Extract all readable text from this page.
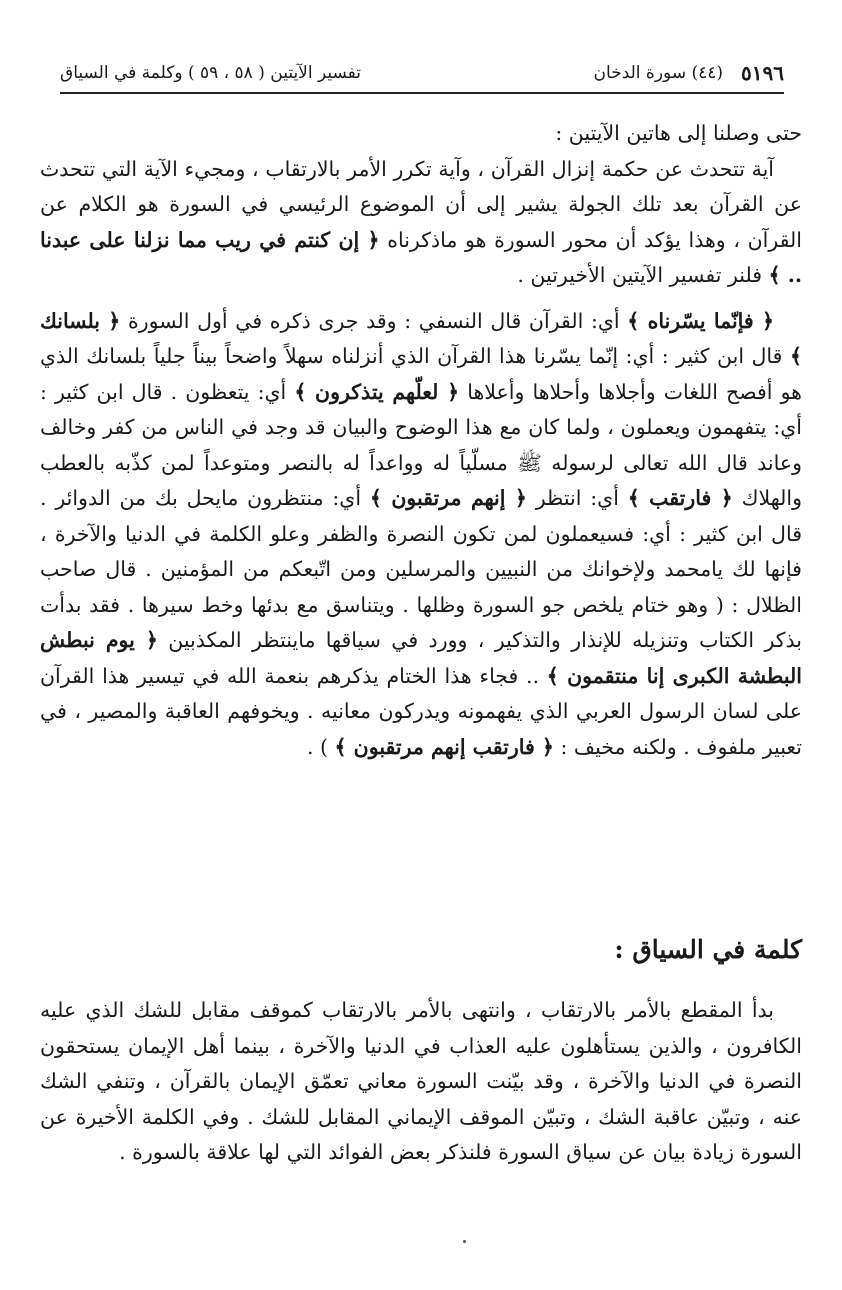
٥١٩٦
(٤٤) سورة الدخان
تفسير الآيتين ( ٥٨ ، ٥٩ ) وكلمة في السياق

حتى وصلنا إلى هاتين الآيتين :

آية تتحدث عن حكمة إنزال القرآن ، وآية تكرر الأمر بالارتقاب ، ومجيء الآية التي تتحدث عن القرآن بعد تلك الجولة يشير إلى أن الموضوع الرئيسي في السورة هو الكلام عن القرآن ، وهذا يؤكد أن محور السورة هو ماذكرناه ﴿ إن كنتم في ريب مما نزلنا على عبدنا .. ﴾ فلنر تفسير الآيتين الأخيرتين .

﴿ فإنّما يسّرناه ﴾ أي: القرآن قال النسفي : وقد جرى ذكره في أول السورة ﴿ بلسانك ﴾ قال ابن كثير : أي: إنّما يسّرنا هذا القرآن الذي أنزلناه سهلاً واضحاً بيناً جلياً بلسانك الذي هو أفصح اللغات وأجلاها وأحلاها وأعلاها ﴿ لعلّهم يتذكرون ﴾ أي: يتعظون . قال ابن كثير : أي: يتفهمون ويعملون ، ولما كان مع هذا الوضوح والبيان قد وجد في الناس من كفر وخالف وعاند قال الله تعالى لرسوله ﷺ مسلّياً له وواعداً له بالنصر ومتوعداً لمن كذّبه بالعطب والهلاك ﴿ فارتقب ﴾ أي: انتظر ﴿ إنهم مرتقبون ﴾ أي: منتظرون مايحل بك من الدوائر . قال ابن كثير : أي: فسيعملون لمن تكون النصرة والظفر وعلو الكلمة في الدنيا والآخرة ، فإنها لك يامحمد ولإخوانك من النبيين والمرسلين ومن اتّبعكم من المؤمنين . قال صاحب الظلال : ( وهو ختام يلخص جو السورة وظلها . ويتناسق مع بدئها وخط سيرها . فقد بدأت بذكر الكتاب وتنزيله للإنذار والتذكير ، وورد في سياقها ماينتظر المكذبين ﴿ يوم نبطش البطشة الكبرى إنا منتقمون ﴾ .. فجاء هذا الختام يذكرهم بنعمة الله في تيسير هذا القرآن على لسان الرسول العربي الذي يفهمونه ويدركون معانيه . ويخوفهم العاقبة والمصير ، في تعبير ملفوف . ولكنه مخيف : ﴿ فارتقب إنهم مرتقبون ﴾ ) .

كلمة في السياق :

بدأ المقطع بالأمر بالارتقاب ، وانتهى بالأمر بالارتقاب كموقف مقابل للشك الذي عليه الكافرون ، والذين يستأهلون عليه العذاب في الدنيا والآخرة ، بينما أهل الإيمان يستحقون النصرة في الدنيا والآخرة ، وقد بيّنت السورة معاني تعمّق الإيمان بالقرآن ، وتنفي الشك عنه ، وتبيّن عاقبة الشك ، وتبيّن الموقف الإيماني المقابل للشك . وفي الكلمة الأخيرة عن السورة زيادة بيان عن سياق السورة فلنذكر بعض الفوائد التي لها علاقة بالسورة .
